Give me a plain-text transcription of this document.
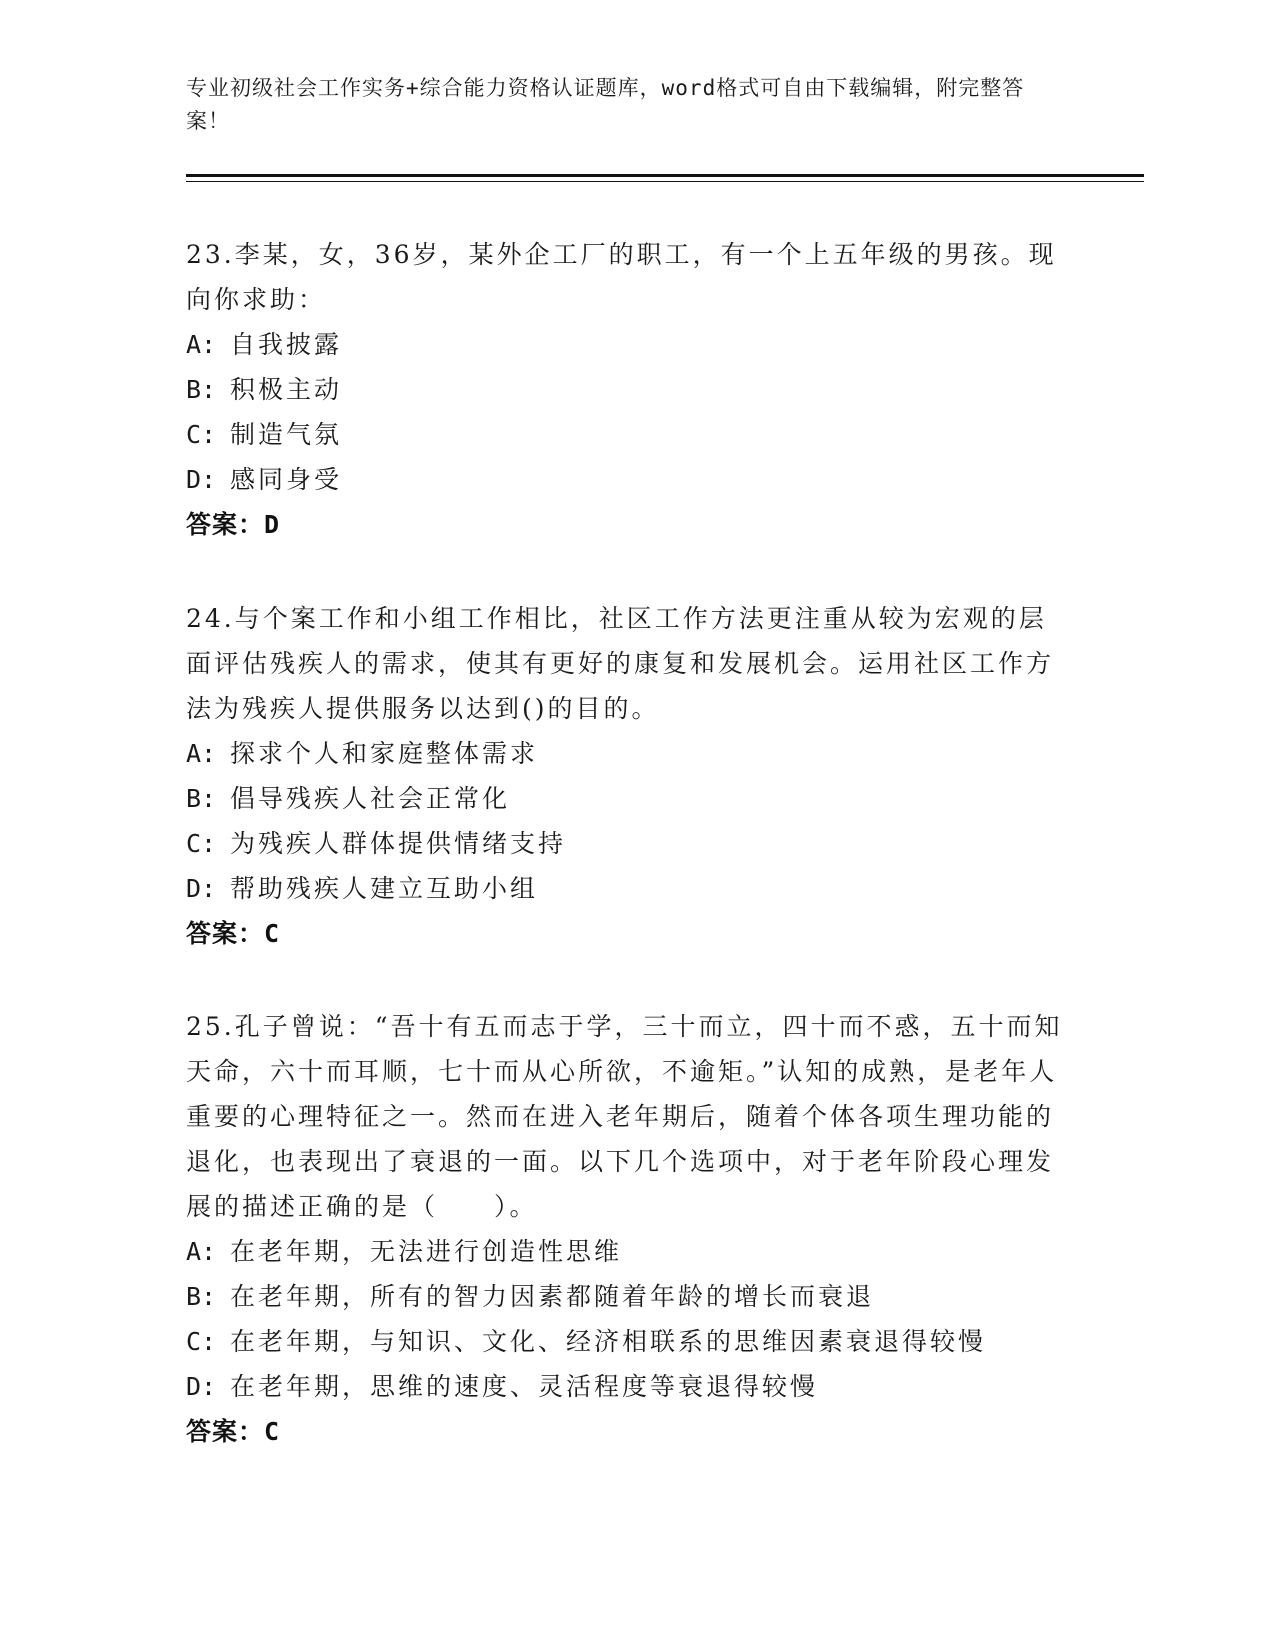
专业初级社会工作实务+综合能力资格认证题库，word格式可自由下载编辑，附完整答案！

23.李某，女，36岁，某外企工厂的职工，有一个上五年级的男孩。现向你求助：

A: 自我披露
B: 积极主动
C: 制造气氛
D: 感同身受
答案：D

24.与个案工作和小组工作相比，社区工作方法更注重从较为宏观的层面评估残疾人的需求，使其有更好的康复和发展机会。运用社区工作方法为残疾人提供服务以达到()的目的。

A: 探求个人和家庭整体需求
B: 倡导残疾人社会正常化
C: 为残疾人群体提供情绪支持
D: 帮助残疾人建立互助小组
答案：C

25.孔子曾说：“吾十有五而志于学，三十而立，四十而不惑，五十而知天命，六十而耳顺，七十而从心所欲，不逾矩。”认知的成熟，是老年人重要的心理特征之一。然而在进入老年期后，随着个体各项生理功能的退化，也表现出了衰退的一面。以下几个选项中，对于老年阶段心理发展的描述正确的是（　　）。

A: 在老年期，无法进行创造性思维
B: 在老年期，所有的智力因素都随着年龄的增长而衰退
C: 在老年期，与知识、文化、经济相联系的思维因素衰退得较慢
D: 在老年期，思维的速度、灵活程度等衰退得较慢
答案：C
